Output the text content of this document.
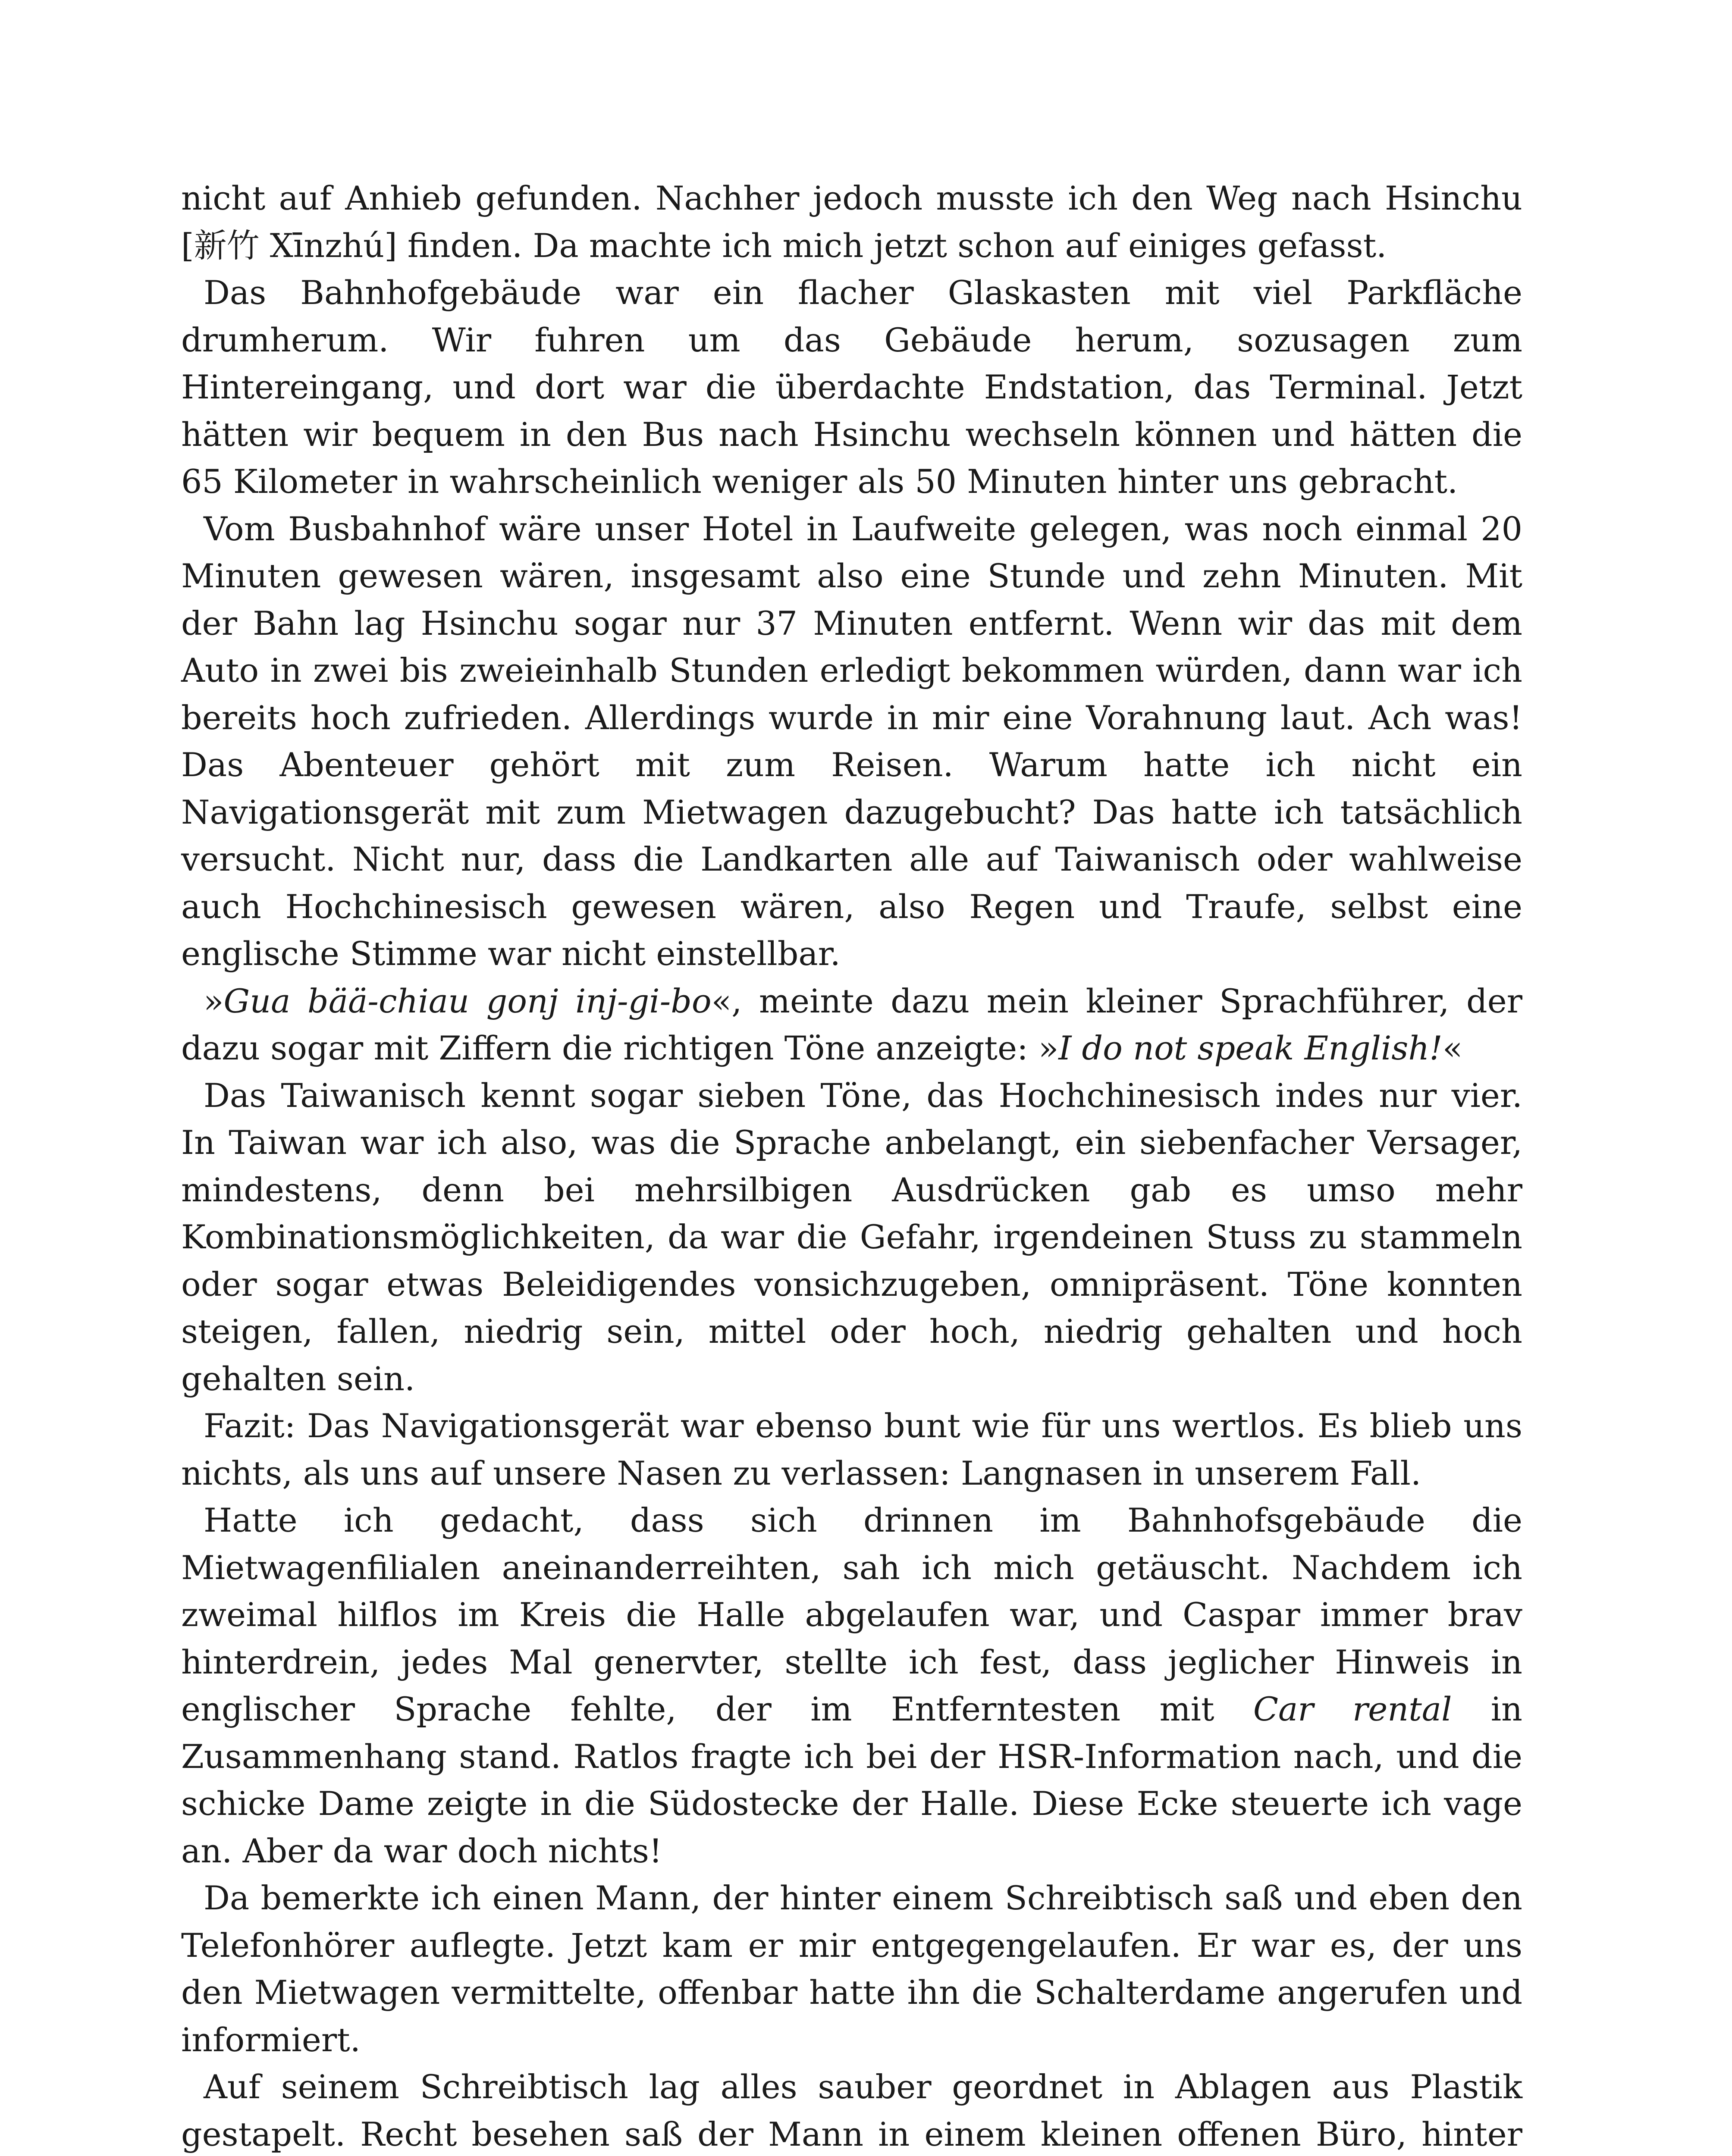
nicht auf Anhieb gefunden. Nachher jedoch musste ich den Weg nach Hsinchu [新竹 Xīnzhú] finden. Da machte ich mich jetzt schon auf einiges gefasst.

Das Bahnhofgebäude war ein flacher Glaskasten mit viel Parkfläche drumherum. Wir fuhren um das Gebäude herum, sozusagen zum Hintereingang, und dort war die überdachte Endstation, das Terminal. Jetzt hätten wir bequem in den Bus nach Hsinchu wechseln können und hätten die 65 Kilometer in wahrscheinlich weniger als 50 Minuten hinter uns gebracht.

Vom Busbahnhof wäre unser Hotel in Laufweite gelegen, was noch einmal 20 Minuten gewesen wären, insgesamt also eine Stunde und zehn Minuten. Mit der Bahn lag Hsinchu sogar nur 37 Minuten entfernt. Wenn wir das mit dem Auto in zwei bis zweieinhalb Stunden erledigt bekommen würden, dann war ich bereits hoch zufrieden. Allerdings wurde in mir eine Vorahnung laut. Ach was! Das Abenteuer gehört mit zum Reisen. Warum hatte ich nicht ein Navigationsgerät mit zum Mietwagen dazugebucht? Das hatte ich tatsächlich versucht. Nicht nur, dass die Landkarten alle auf Taiwanisch oder wahlweise auch Hochchinesisch gewesen wären, also Regen und Traufe, selbst eine englische Stimme war nicht einstellbar.

»Gua bää-chiau gonj inj-gi-bo«, meinte dazu mein kleiner Sprachführer, der dazu sogar mit Ziffern die richtigen Töne anzeigte: »I do not speak English!«

Das Taiwanisch kennt sogar sieben Töne, das Hochchinesisch indes nur vier. In Taiwan war ich also, was die Sprache anbelangt, ein siebenfacher Versager, mindestens, denn bei mehrsilbigen Ausdrücken gab es umso mehr Kombinationsmöglichkeiten, da war die Gefahr, irgendeinen Stuss zu stammeln oder sogar etwas Beleidigendes vonsichzugeben, omnipräsent. Töne konnten steigen, fallen, niedrig sein, mittel oder hoch, niedrig gehalten und hoch gehalten sein.

Fazit: Das Navigationsgerät war ebenso bunt wie für uns wertlos. Es blieb uns nichts, als uns auf unsere Nasen zu verlassen: Langnasen in unserem Fall.

Hatte ich gedacht, dass sich drinnen im Bahnhofsgebäude die Mietwagenfilialen aneinanderreihten, sah ich mich getäuscht. Nachdem ich zweimal hilflos im Kreis die Halle abgelaufen war, und Caspar immer brav hinterdrein, jedes Mal genervter, stellte ich fest, dass jeglicher Hinweis in englischer Sprache fehlte, der im Entferntesten mit Car rental in Zusammenhang stand. Ratlos fragte ich bei der HSR-Information nach, und die schicke Dame zeigte in die Südostecke der Halle. Diese Ecke steuerte ich vage an. Aber da war doch nichts!

Da bemerkte ich einen Mann, der hinter einem Schreibtisch saß und eben den Telefonhörer auflegte. Jetzt kam er mir entgegengelaufen. Er war es, der uns den Mietwagen vermittelte, offenbar hatte ihn die Schalterdame angerufen und informiert.

Auf seinem Schreibtisch lag alles sauber geordnet in Ablagen aus Plastik gestapelt. Recht besehen saß der Mann in einem kleinen offenen Büro, hinter
